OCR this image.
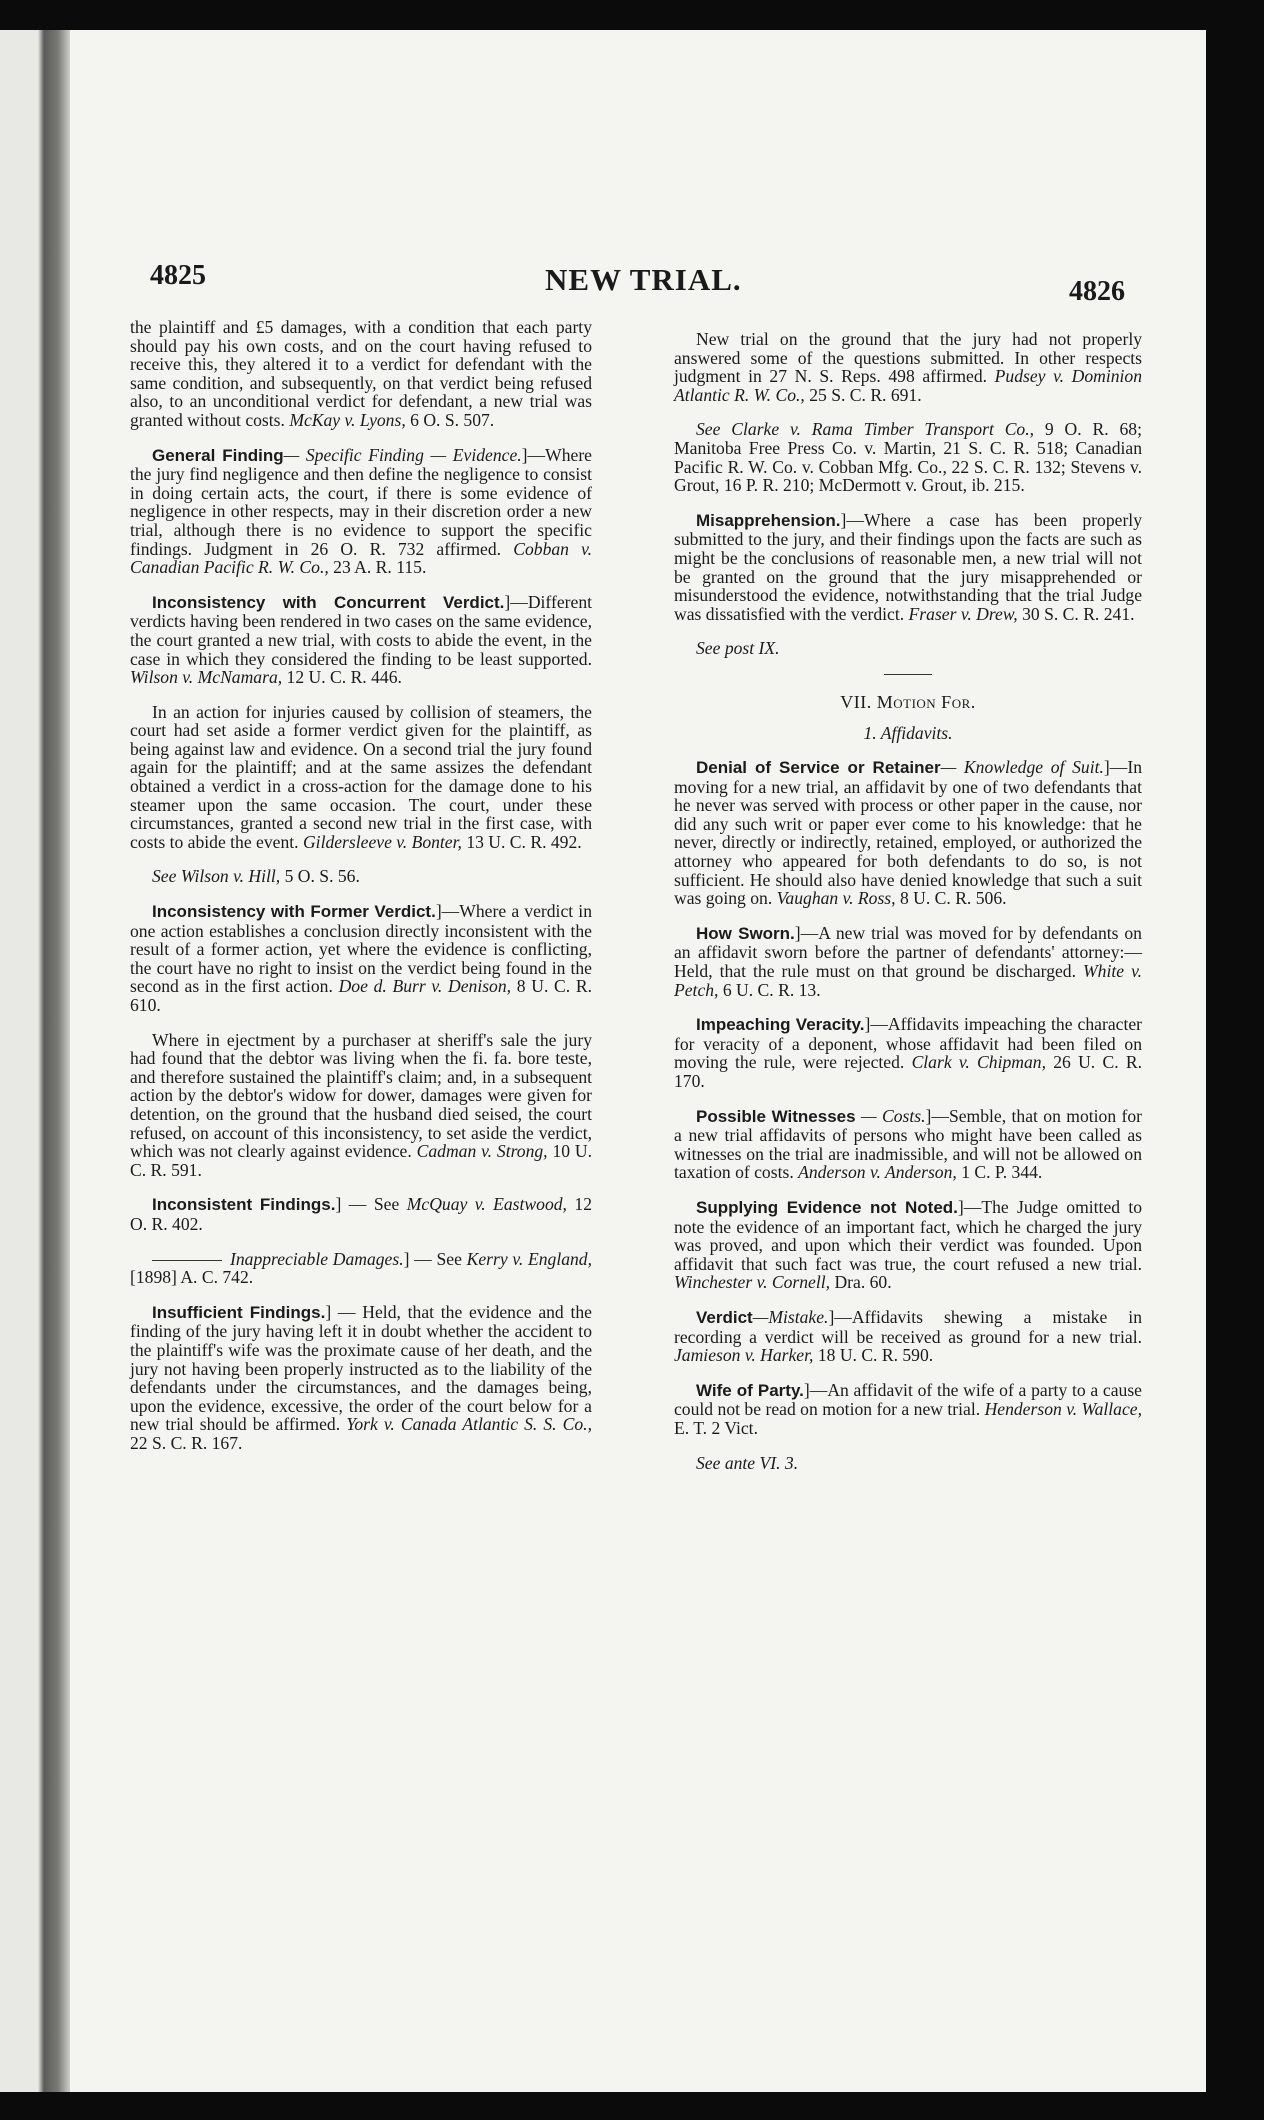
4825	NEW TRIAL.	4826

the plaintiff and £5 damages, with a condition that each party should pay his own costs, and on the court having refused to receive this, they altered it to a verdict for defendant with the same condition, and subsequently, on that verdict being refused also, to an unconditional verdict for defendant, a new trial was granted without costs. McKay v. Lyons, 6 O. S. 507.

General Finding— Specific Finding — Evidence.]—Where the jury find negligence and then define the negligence to consist in doing certain acts, the court, if there is some evidence of negligence in other respects, may in their discretion order a new trial, although there is no evidence to support the specific findings. Judgment in 26 O. R. 732 affirmed. Cobban v. Canadian Pacific R. W. Co., 23 A. R. 115.

Inconsistency with Concurrent Verdict.]—Different verdicts having been rendered in two cases on the same evidence, the court granted a new trial, with costs to abide the event, in the case in which they considered the finding to be least supported. Wilson v. McNamara, 12 U. C. R. 446.

In an action for injuries caused by collision of steamers, the court had set aside a former verdict given for the plaintiff, as being against law and evidence. On a second trial the jury found again for the plaintiff; and at the same assizes the defendant obtained a verdict in a cross-action for the damage done to his steamer upon the same occasion. The court, under these circumstances, granted a second new trial in the first case, with costs to abide the event. Gildersleeve v. Bonter, 13 U. C. R. 492.

See Wilson v. Hill, 5 O. S. 56.

Inconsistency with Former Verdict.]—Where a verdict in one action establishes a conclusion directly inconsistent with the result of a former action, yet where the evidence is conflicting, the court have no right to insist on the verdict being found in the second as in the first action. Doe d. Burr v. Denison, 8 U. C. R. 610.

Where in ejectment by a purchaser at sheriff's sale the jury had found that the debtor was living when the fi. fa. bore teste, and therefore sustained the plaintiff's claim; and, in a subsequent action by the debtor's widow for dower, damages were given for detention, on the ground that the husband died seised, the court refused, on account of this inconsistency, to set aside the verdict, which was not clearly against evidence. Cadman v. Strong, 10 U. C. R. 591.

Inconsistent Findings.] — See McQuay v. Eastwood, 12 O. R. 402.

Inappreciable Damages.] — See Kerry v. England, [1898] A. C. 742.

Insufficient Findings.] — Held, that the evidence and the finding of the jury having left it in doubt whether the accident to the plaintiff's wife was the proximate cause of her death, and the jury not having been properly instructed as to the liability of the defendants under the circumstances, and the damages being, upon the evidence, excessive, the order of the court below for a new trial should be affirmed. York v. Canada Atlantic S. S. Co., 22 S. C. R. 167.

New trial on the ground that the jury had not properly answered some of the questions submitted. In other respects judgment in 27 N. S. Reps. 498 affirmed. Pudsey v. Dominion Atlantic R. W. Co., 25 S. C. R. 691.

See Clarke v. Rama Timber Transport Co., 9 O. R. 68; Manitoba Free Press Co. v. Martin, 21 S. C. R. 518; Canadian Pacific R. W. Co. v. Cobban Mfg. Co., 22 S. C. R. 132; Stevens v. Grout, 16 P. R. 210; McDermott v. Grout, ib. 215.

Misapprehension.]—Where a case has been properly submitted to the jury, and their findings upon the facts are such as might be the conclusions of reasonable men, a new trial will not be granted on the ground that the jury misapprehended or misunderstood the evidence, notwithstanding that the trial Judge was dissatisfied with the verdict. Fraser v. Drew, 30 S. C. R. 241.

See post IX.

VII. Motion For.
1. Affidavits.

Denial of Service or Retainer— Knowledge of Suit.]—In moving for a new trial, an affidavit by one of two defendants that he never was served with process or other paper in the cause, nor did any such writ or paper ever come to his knowledge: that he never, directly or indirectly, retained, employed, or authorized the attorney who appeared for both defendants to do so, is not sufficient. He should also have denied knowledge that such a suit was going on. Vaughan v. Ross, 8 U. C. R. 506.

How Sworn.]—A new trial was moved for by defendants on an affidavit sworn before the partner of defendants' attorney:—Held, that the rule must on that ground be discharged. White v. Petch, 6 U. C. R. 13.

Impeaching Veracity.]—Affidavits impeaching the character for veracity of a deponent, whose affidavit had been filed on moving the rule, were rejected. Clark v. Chipman, 26 U. C. R. 170.

Possible Witnesses — Costs.]—Semble, that on motion for a new trial affidavits of persons who might have been called as witnesses on the trial are inadmissible, and will not be allowed on taxation of costs. Anderson v. Anderson, 1 C. P. 344.

Supplying Evidence not Noted.]—The Judge omitted to note the evidence of an important fact, which he charged the jury was proved, and upon which their verdict was founded. Upon affidavit that such fact was true, the court refused a new trial. Winchester v. Cornell, Dra. 60.

Verdict—Mistake.]—Affidavits shewing a mistake in recording a verdict will be received as ground for a new trial. Jamieson v. Harker, 18 U. C. R. 590.

Wife of Party.]—An affidavit of the wife of a party to a cause could not be read on motion for a new trial. Henderson v. Wallace, E. T. 2 Vict.

See ante VI. 3.
